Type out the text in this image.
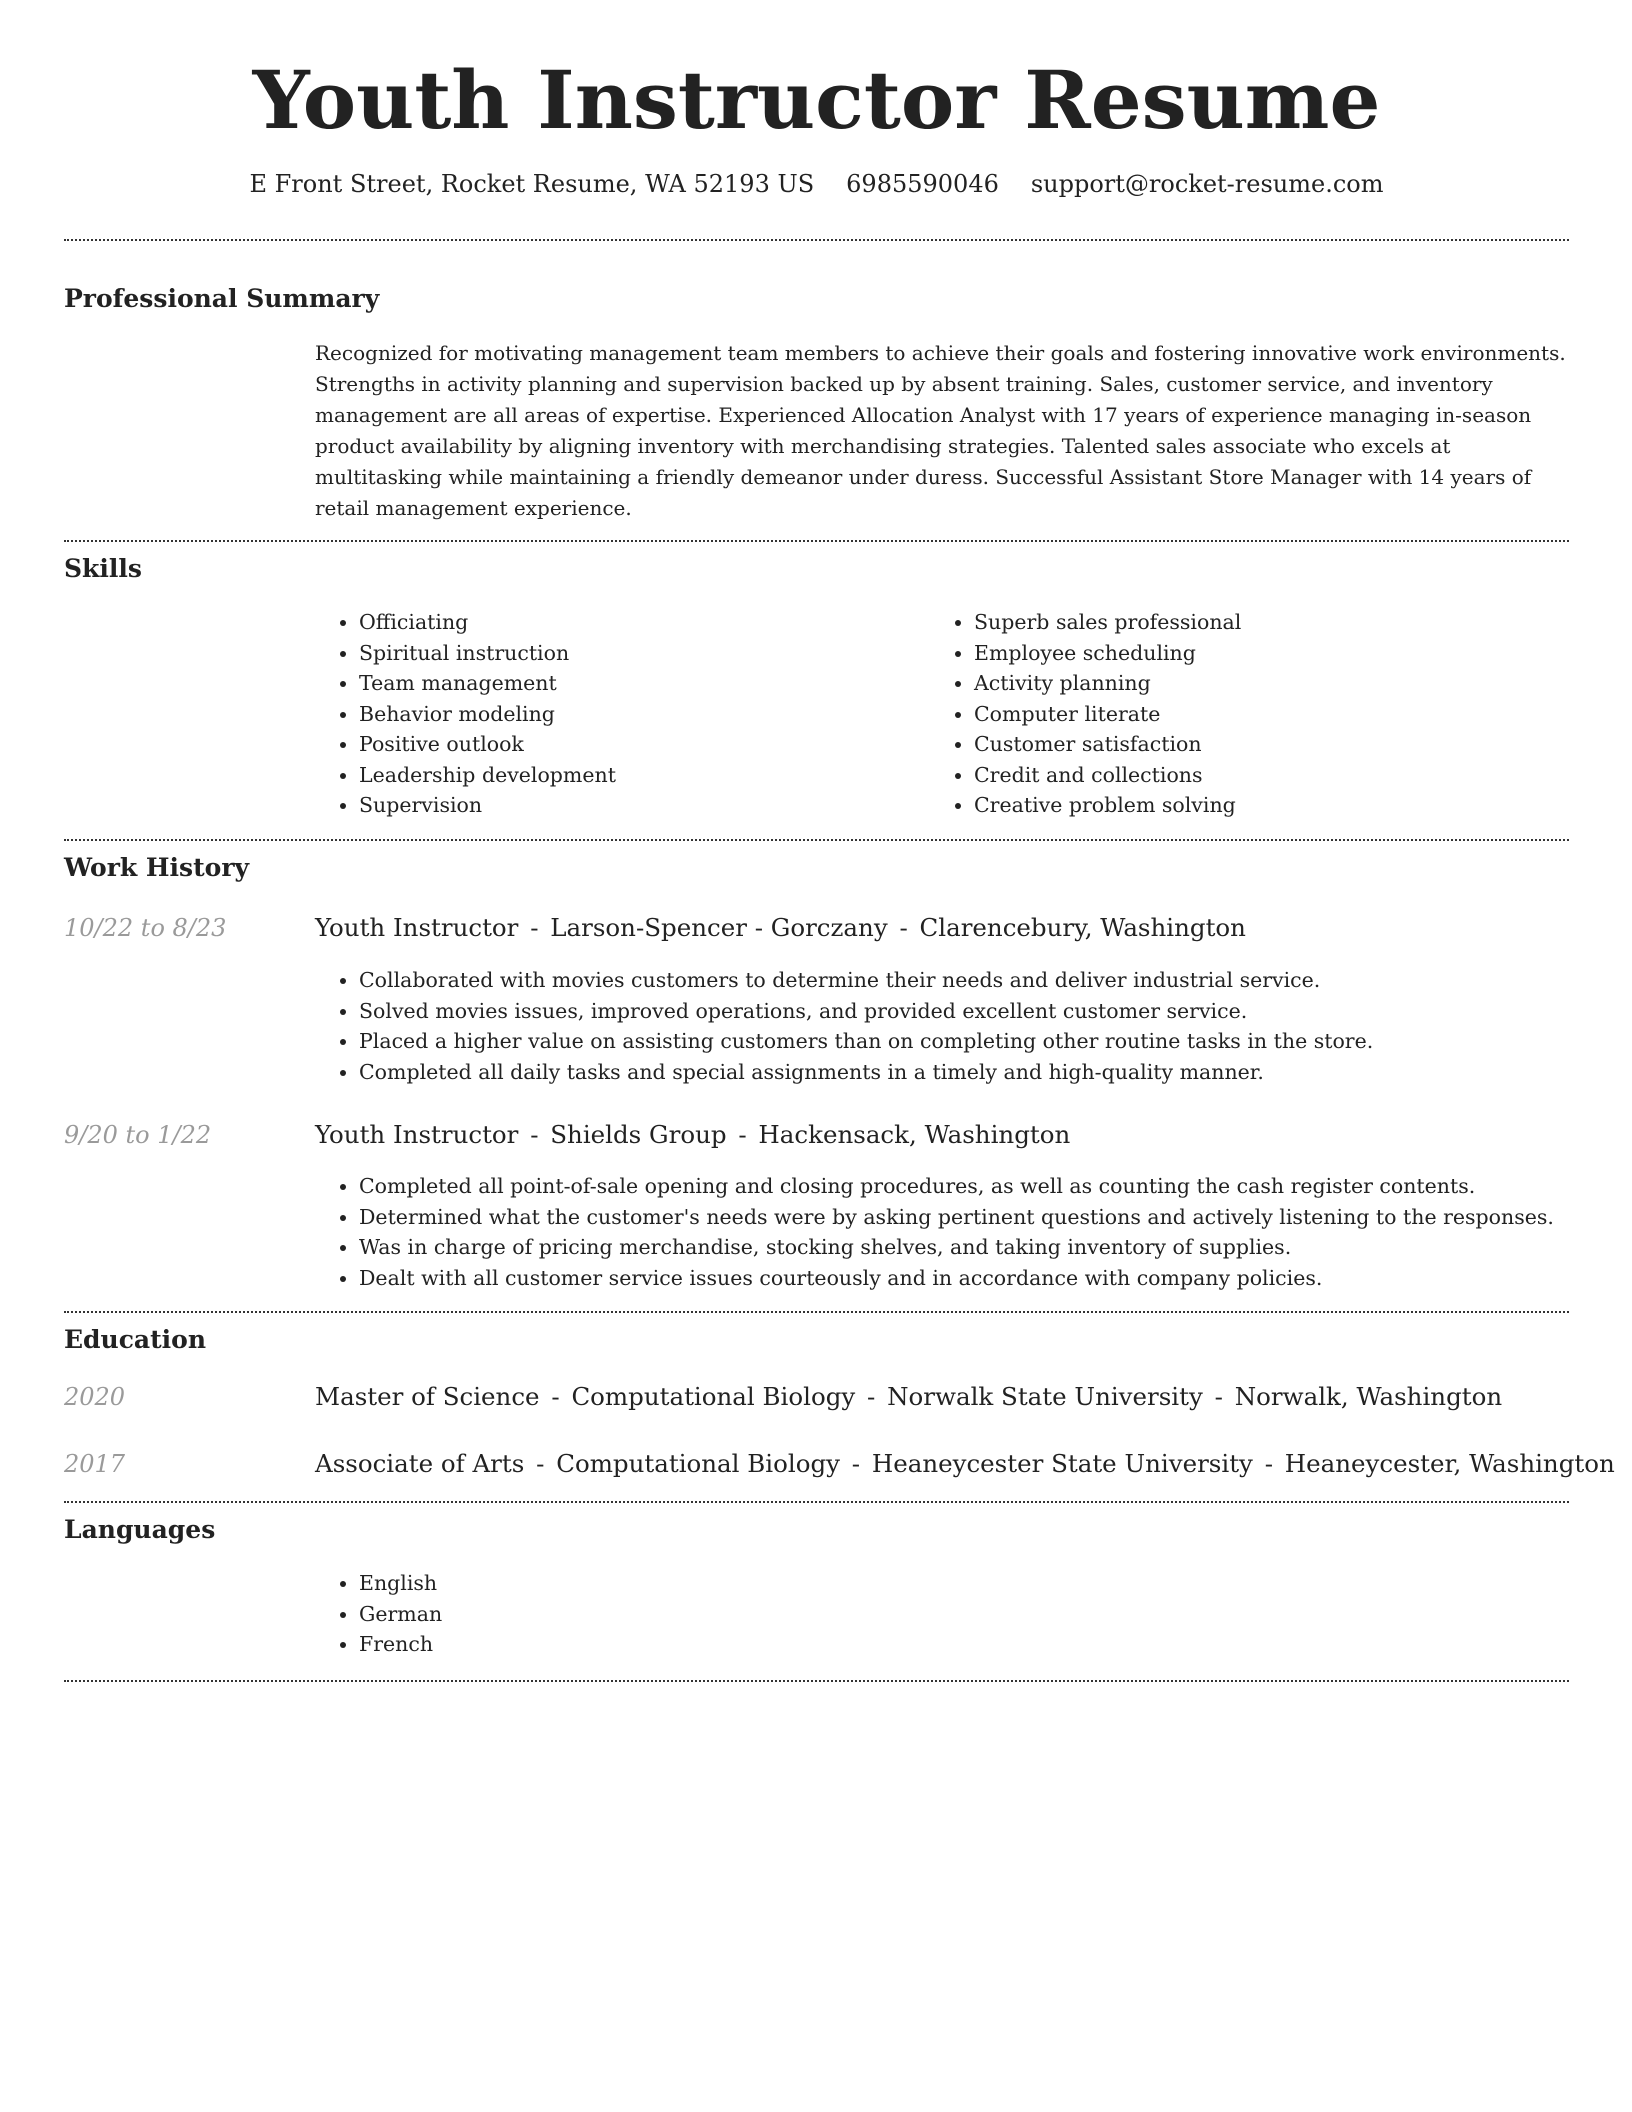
Youth Instructor Resume
E Front Street, Rocket Resume, WA 52193 US 6985590046 support@rocket-resume.com
Professional Summary

Recognized for motivating management team members to achieve their goals and fostering innovative work environments. Strengths in activity planning and supervision backed up by absent training. Sales, customer service, and inventory management are all areas of expertise. Experienced Allocation Analyst with 17 years of experience managing in-season product availability by aligning inventory with merchandising strategies. Talented sales associate who excels at multitasking while maintaining a friendly demeanor under duress. Successful Assistant Store Manager with 14 years of retail management experience.

Skills
• Officiating
• Spiritual instruction
• Team management
• Behavior modeling
• Positive outlook
• Leadership development
• Supervision
• Superb sales professional
• Employee scheduling
• Activity planning
• Computer literate
• Customer satisfaction
• Credit and collections
• Creative problem solving
Work History
10/22 to 8/23	Youth Instructor - Larson-Spencer - Gorczany - Clarencebury, Washington
• Collaborated with movies customers to determine their needs and deliver industrial service.
• Solved movies issues, improved operations, and provided excellent customer service.
• Placed a higher value on assisting customers than on completing other routine tasks in the store.
• Completed all daily tasks and special assignments in a timely and high-quality manner.
9/20 to 1/22	Youth Instructor - Shields Group - Hackensack, Washington
• Completed all point-of-sale opening and closing procedures, as well as counting the cash register contents.
• Determined what the customer's needs were by asking pertinent questions and actively listening to the responses.
• Was in charge of pricing merchandise, stocking shelves, and taking inventory of supplies.
• Dealt with all customer service issues courteously and in accordance with company policies.
Education
2020	Master of Science - Computational Biology - Norwalk State University - Norwalk, Washington
2017	Associate of Arts - Computational Biology - Heaneycester State University - Heaneycester, Washington
Languages
• English
• German
• French
